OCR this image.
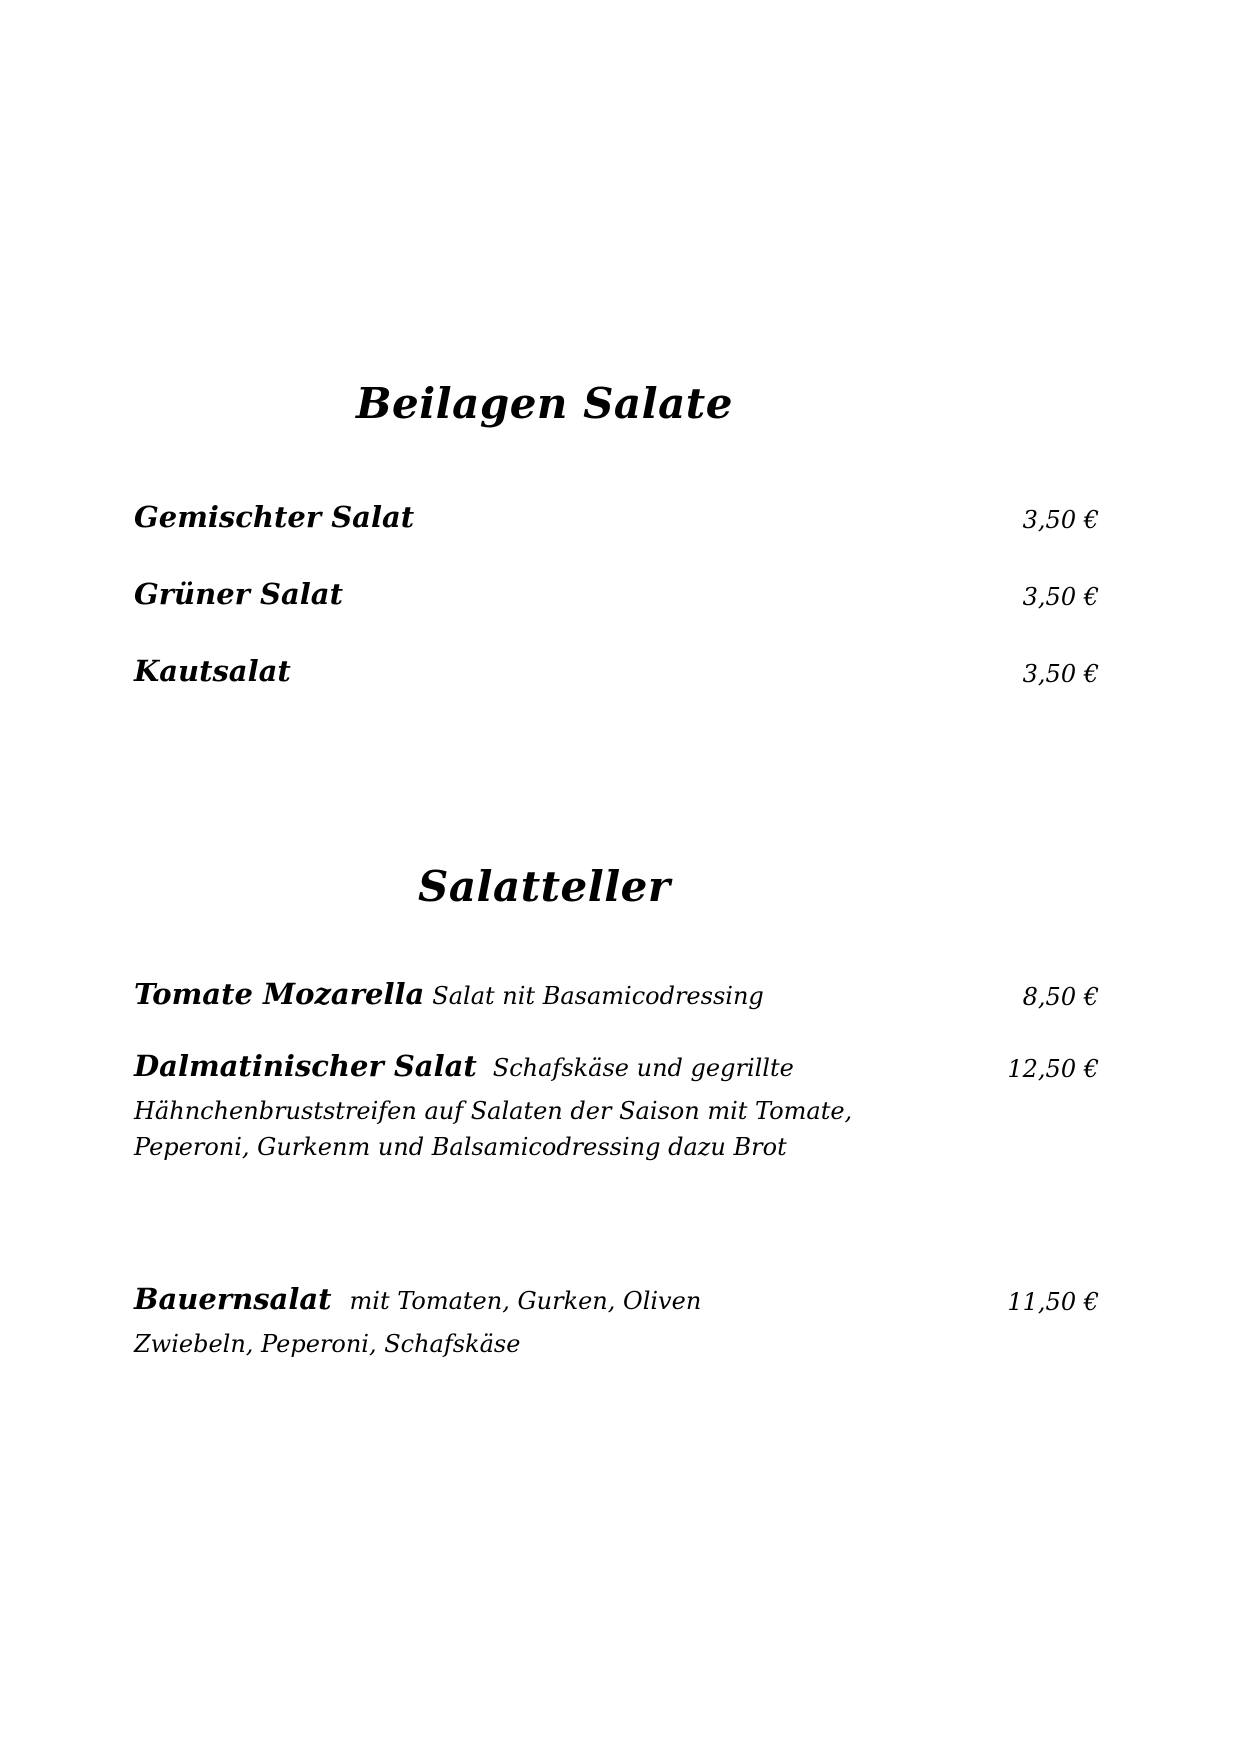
Beilagen Salate
Gemischter Salat	3,50 €
Grüner Salat	3,50 €
Kautsalat	3,50 €
Salatteller
Tomate Mozarella Salat nit Basamicodressing	8,50 €
Dalmatinischer Salat Schafskäse und gegrillte	12,50 €
Hähnchenbruststreifen auf Salaten der Saison mit Tomate,
Peperoni, Gurkenm und Balsamicodressing dazu Brot
Bauernsalat mit Tomaten, Gurken, Oliven	11,50 €
Zwiebeln, Peperoni, Schafskäse
